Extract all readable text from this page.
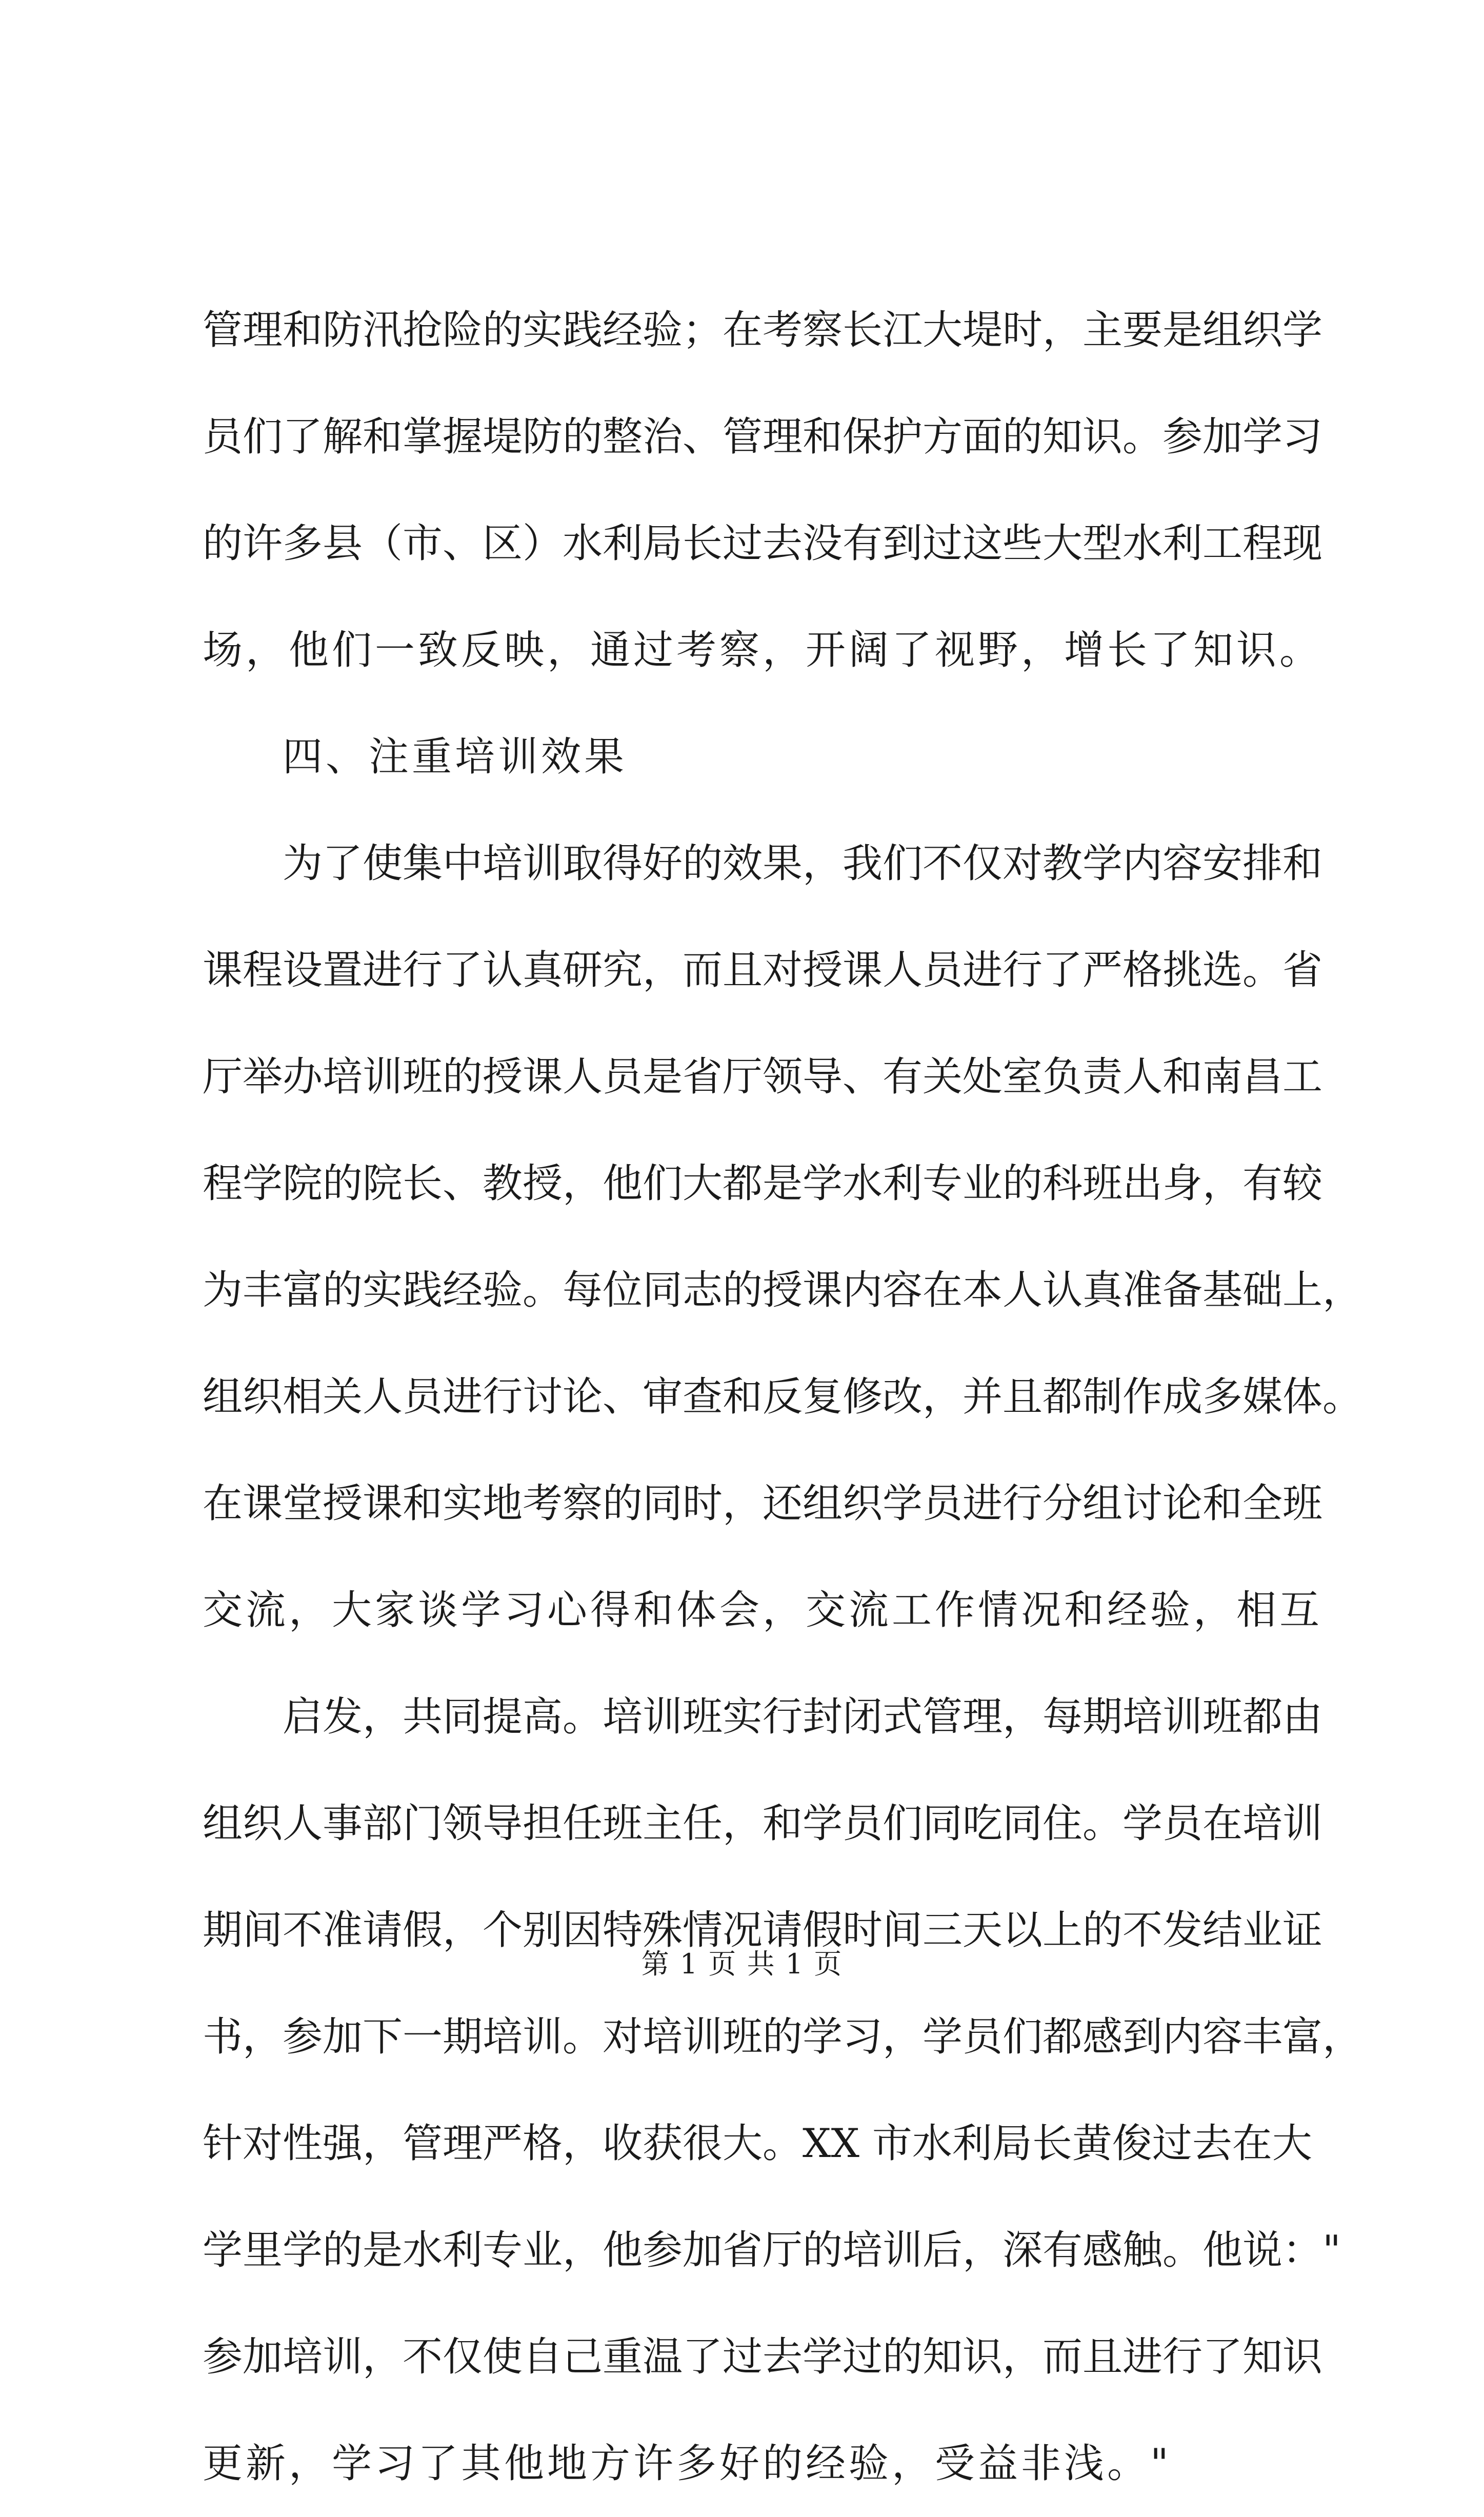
管理和防汛抢险的实践经验；在考察长江大堤时，主要是组织学
员们了解和掌握堤防的整治、管理和保护方面的知识。参加学习
的许多县（市、区）水利局长过去没有到过这些大型水利工程现
场，他们一致反映，通过考察，开阔了视野，增长了知识。
四、注重培训效果
为了使集中培训取得好的效果，我们不仅对教学内容安排和
课程设置进行了认真研究，而且对授课人员进行了严格挑选。省
厅举办培训班的授课人员是省厅领导、有关处室负责人和南昌工
程学院的院长、教授，他们大都是学水利专业的科班出身，有较
为丰富的实践经验。每位同志的授课内容在本人认真准备基础上，
组织相关人员进行讨论、审查和反复修改，并且都制作成多媒体。
在课堂授课和实地考察的同时，还组织学员进行分组讨论和全班
交流，大家谈学习心得和体会，交流工作情况和经验，相互
启发，共同提高。培训班实行封闭式管理，每期培训班都由
组织人事部门领导担任班主任，和学员们同吃同住。学员在培训
期间不准请假，个别因特殊情况请假时间三天以上的不发结业证
书，参加下一期培训。对培训班的学习，学员们都感到内容丰富，
针对性强，管理严格，收获很大。XX 市水利局长黄俊过去在大
学里学的是水利专业，他参加省厅的培训后，深有感触。他说："
参加培训，不仅使自己重温了过去学过的知识，而且进行了知识
更新，学习了其他地方许多好的经验，受益非浅。"
第 1 页 共 1 页
